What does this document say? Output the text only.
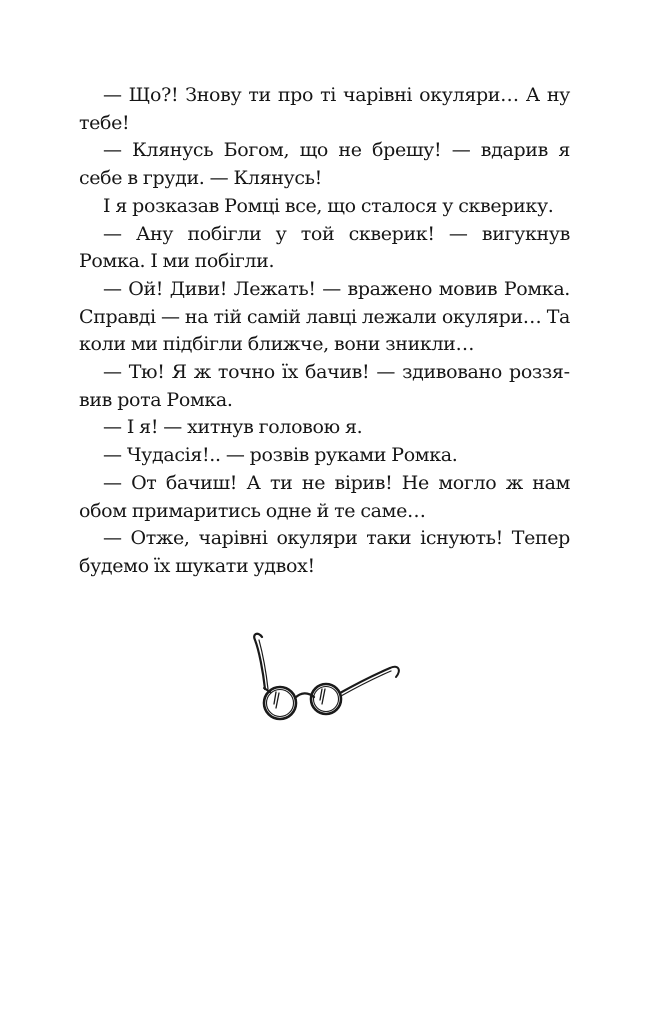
— Що?! Знову ти про ті чарівні окуляри… А ну тебе!

— Клянусь Богом, що не брешу! — вдарив я себе в груди. — Клянусь!

І я розказав Ромці все, що сталося у скверику.

— Ану побігли у той скверик! — вигукнув Ромка. І ми побігли.

— Ой! Диви! Лежать! — вражено мовив Ромка. Справді — на тій самій лавці лежали окуляри… Та коли ми підбігли ближче, вони зникли…

— Тю! Я ж точно їх бачив! — здивовано роззявив рота Ромка.

— І я! — хитнув головою я.

— Чудасія!.. — розвів руками Ромка.

— От бачиш! А ти не вірив! Не могло ж нам обом примаритись одне й те саме…

— Отже, чарівні окуляри таки існують! Тепер будемо їх шукати удвох!
